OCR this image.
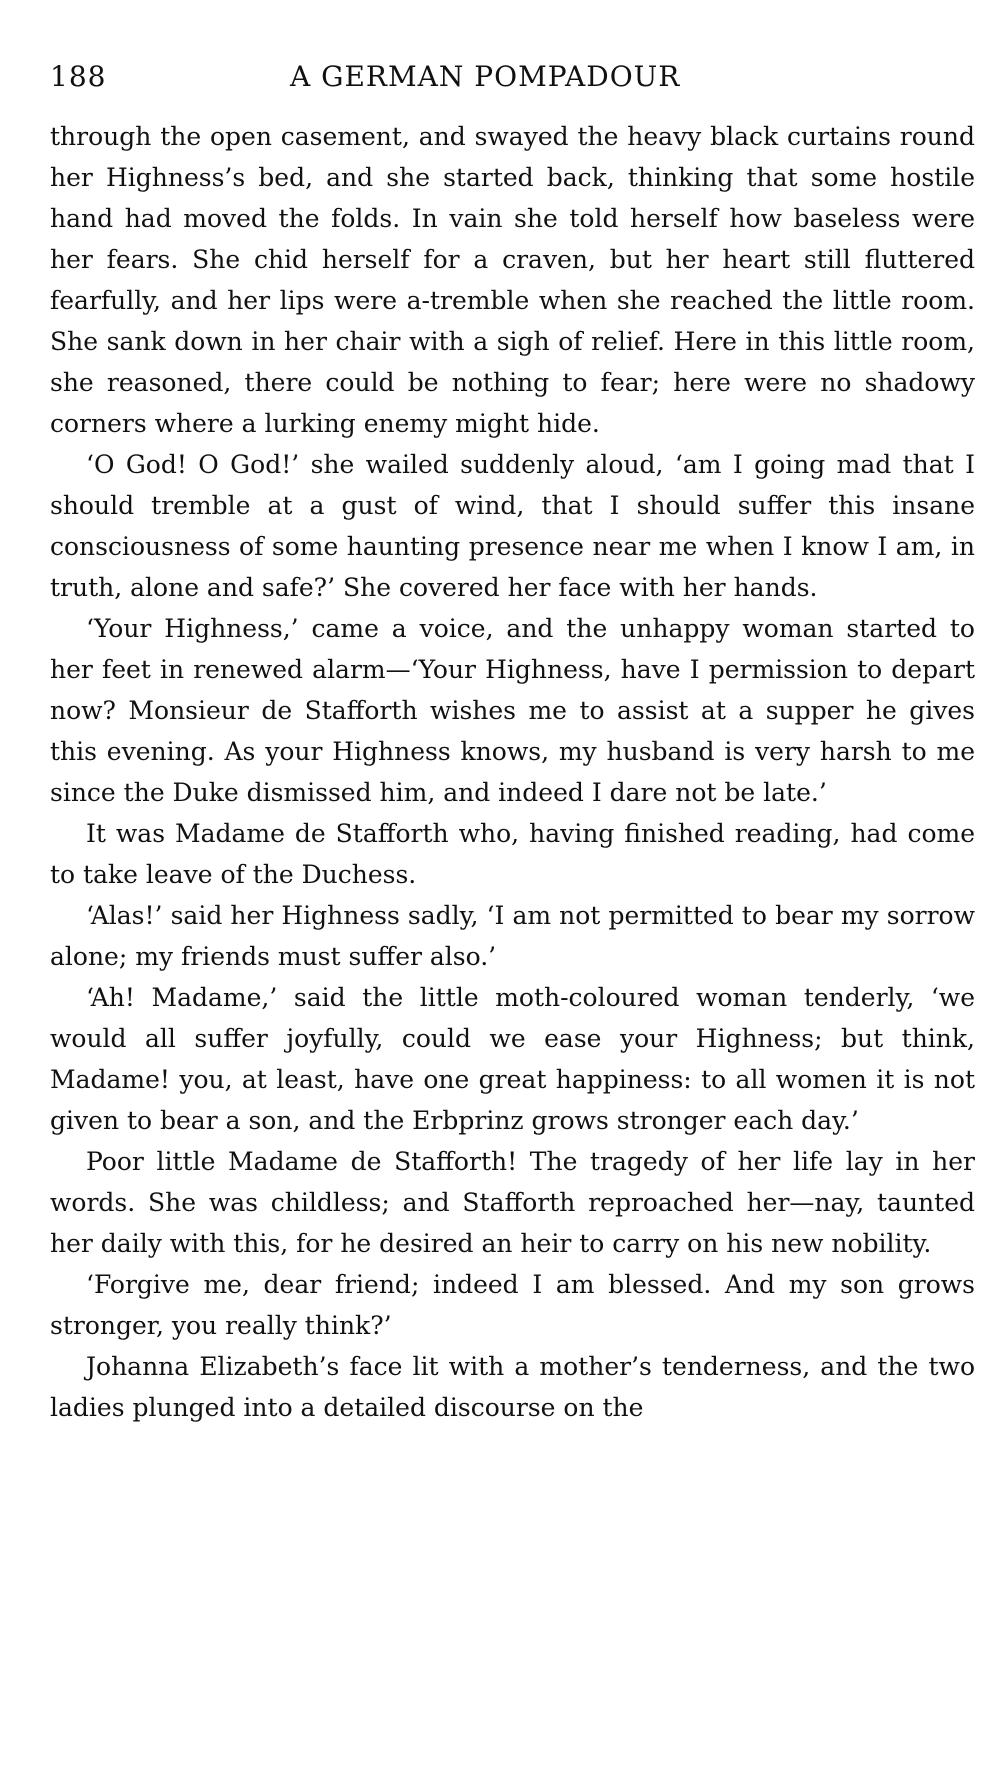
188	A GERMAN POMPADOUR

through the open casement, and swayed the heavy black curtains round her Highness’s bed, and she started back, thinking that some hostile hand had moved the folds. In vain she told herself how baseless were her fears. She chid herself for a craven, but her heart still fluttered fearfully, and her lips were a-tremble when she reached the little room. She sank down in her chair with a sigh of relief. Here in this little room, she reasoned, there could be nothing to fear; here were no shadowy corners where a lurking enemy might hide.

‘O God! O God!’ she wailed suddenly aloud, ‘am I going mad that I should tremble at a gust of wind, that I should suffer this insane consciousness of some haunting presence near me when I know I am, in truth, alone and safe?’ She covered her face with her hands.

‘Your Highness,’ came a voice, and the unhappy woman started to her feet in renewed alarm—‘Your Highness, have I permission to depart now? Monsieur de Stafforth wishes me to assist at a supper he gives this evening. As your Highness knows, my husband is very harsh to me since the Duke dismissed him, and indeed I dare not be late.’

It was Madame de Stafforth who, having finished reading, had come to take leave of the Duchess.

‘Alas!’ said her Highness sadly, ‘I am not permitted to bear my sorrow alone; my friends must suffer also.’

‘Ah! Madame,’ said the little moth-coloured woman tenderly, ‘we would all suffer joyfully, could we ease your Highness; but think, Madame! you, at least, have one great happiness: to all women it is not given to bear a son, and the Erbprinz grows stronger each day.’

Poor little Madame de Stafforth! The tragedy of her life lay in her words. She was childless; and Stafforth reproached her—nay, taunted her daily with this, for he desired an heir to carry on his new nobility.

‘Forgive me, dear friend; indeed I am blessed. And my son grows stronger, you really think?’

Johanna Elizabeth’s face lit with a mother’s tenderness, and the two ladies plunged into a detailed discourse on the
